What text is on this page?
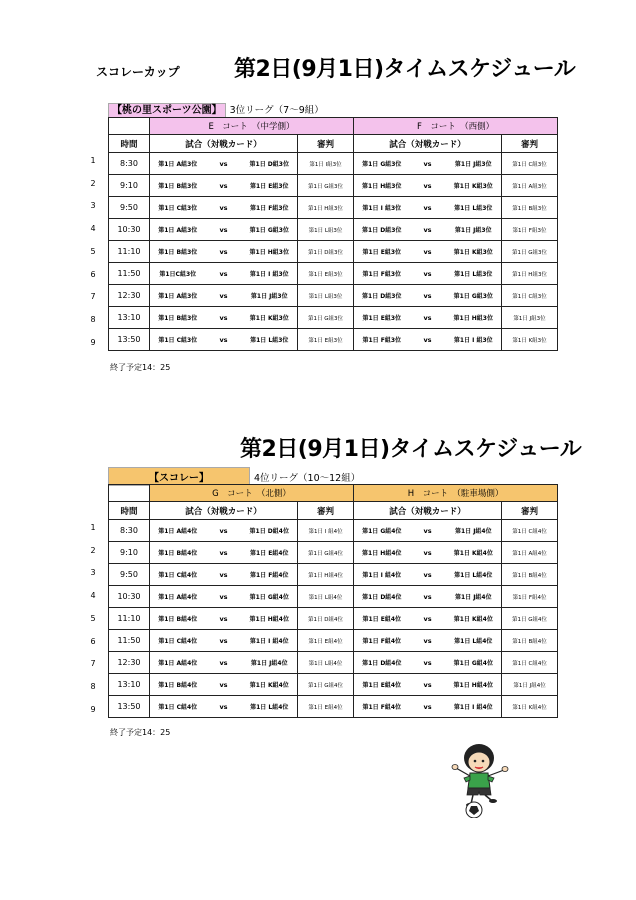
スコレーカップ 第2日(9月1日)タイムスケジュール
【桃の里スポーツ公園】 3位リーグ（7～9組）
	E　コート　（中学側）				F　コート　（西側）			
時間	試合（対戦カード）			審判	試合（対戦カード）			審判
8:30	第1日 A組3位	vs	第1日 D組3位	第1日 I組3位	第1日 G組3位	vs	第1日 J組3位	第1日 C組3位
9:10	第1日 B組3位	vs	第1日 E組3位	第1日 G組3位	第1日 H組3位	vs	第1日 K組3位	第1日 A組3位
9:50	第1日 C組3位	vs	第1日 F組3位	第1日 H組3位	第1日 I 組3位	vs	第1日 L組3位	第1日 B組3位
10:30	第1日 A組3位	vs	第1日 G組3位	第1日 L組3位	第1日 D組3位	vs	第1日 J組3位	第1日 F組3位
11:10	第1日 B組3位	vs	第1日 H組3位	第1日 D組3位	第1日 E組3位	vs	第1日 K組3位	第1日 G組3位
11:50	第1日C組3位	vs	第1日 I 組3位	第1日 E組3位	第1日 F組3位	vs	第1日 L組3位	第1日 H組3位
12:30	第1日 A組3位	vs	第1日 J組3位	第1日 L組3位	第1日 D組3位	vs	第1日 G組3位	第1日 C組3位
13:10	第1日 B組3位	vs	第1日 K組3位	第1日 G組3位	第1日 E組3位	vs	第1日 H組3位	第1日 J組3位
13:50	第1日 C組3位	vs	第1日 L組3位	第1日 E組3位	第1日 F組3位	vs	第1日 I 組3位	第1日 K組3位
終了予定14：25
第2日(9月1日)タイムスケジュール
【スコレー】	4位リーグ（10～12組）
	G　コート　（北側）				H　コート　（駐車場側）			
時間	試合（対戦カード）			審判	試合（対戦カード）			審判
8:30	第1日 A組4位	vs	第1日 D組4位	第1日 I 組4位	第1日 G組4位	vs	第1日 J組4位	第1日 C組4位
9:10	第1日 B組4位	vs	第1日 E組4位	第1日 G組4位	第1日 H組4位	vs	第1日 K組4位	第1日 A組4位
9:50	第1日 C組4位	vs	第1日 F組4位	第1日 H組4位	第1日 I 組4位	vs	第1日 L組4位	第1日 B組4位
10:30	第1日 A組4位	vs	第1日 G組4位	第1日 L組4位	第1日 D組4位	vs	第1日 J組4位	第1日 F組4位
11:10	第1日 B組4位	vs	第1日 H組4位	第1日 D組4位	第1日 E組4位	vs	第1日 K組4位	第1日 G組4位
11:50	第1日 C組4位	vs	第1日 I 組4位	第1日 E組4位	第1日 F組4位	vs	第1日 L組4位	第1日 B組4位
12:30	第1日 A組4位	vs	第1日 J組4位	第1日 L組4位	第1日 D組4位	vs	第1日 G組4位	第1日 C組4位
13:10	第1日 B組4位	vs	第1日 K組4位	第1日 G組4位	第1日 E組4位	vs	第1日 H組4位	第1日 J組4位
13:50	第1日 C組4位	vs	第1日 L組4位	第1日 E組4位	第1日 F組4位	vs	第1日 I 組4位	第1日 K組4位
終了予定14：25
1
2
3
4
5
6
7
8
9
1
2
3
4
5
6
7
8
9
